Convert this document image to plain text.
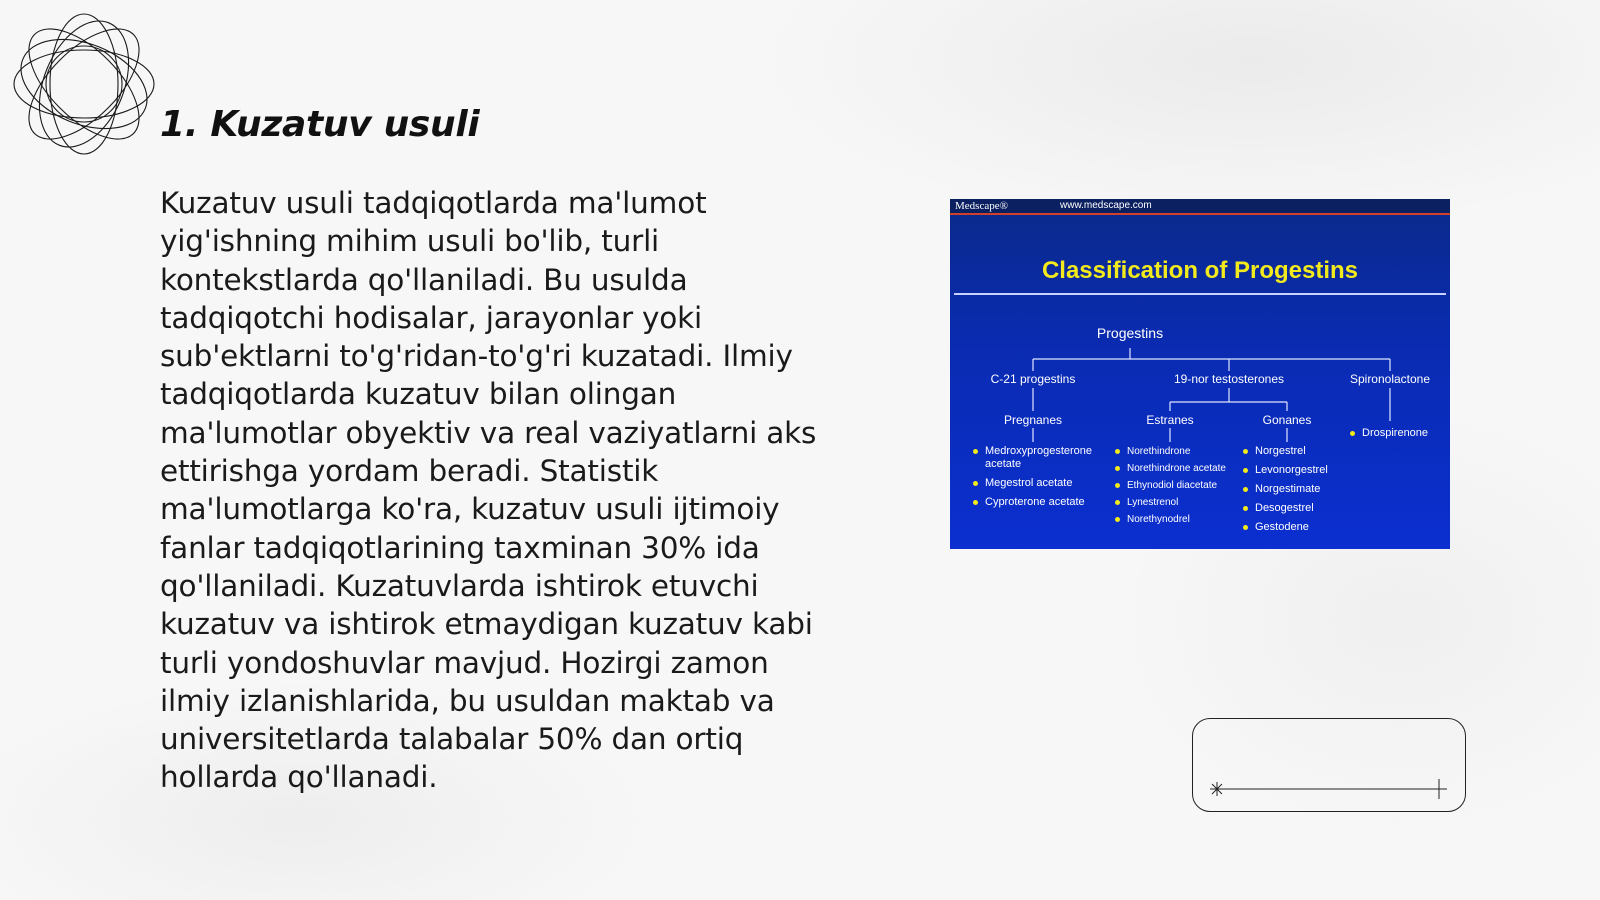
1. Kuzatuv usuli

Kuzatuv usuli tadqiqotlarda ma'lumot yig'ishning mihim usuli bo'lib, turli kontekstlarda qo'llaniladi. Bu usulda tadqiqotchi hodisalar, jarayonlar yoki sub'ektlarni to'g'ridan-to'g'ri kuzatadi. Ilmiy tadqiqotlarda kuzatuv bilan olingan ma'lumotlar obyektiv va real vaziyatlarni aks ettirishga yordam beradi. Statistik ma'lumotlarga ko'ra, kuzatuv usuli ijtimoiy fanlar tadqiqotlarining taxminan 30% ida qo'llaniladi. Kuzatuvlarda ishtirok etuvchi kuzatuv va ishtirok etmaydigan kuzatuv kabi turli yondoshuvlar mavjud. Hozirgi zamon ilmiy izlanishlarida, bu usuldan maktab va universitetlarda talabalar 50% dan ortiq hollarda qo'llanadi.

Medscape®	www.medscape.com
Classification of Progestins
Progestins
C-21 progestins	19-nor testosterones	Spironolactone
Pregnanes	Estranes	Gonanes
Medroxyprogesterone
acetate
Megestrol acetate
Cyproterone acetate
Norethindrone
Norethindrone acetate
Ethynodiol diacetate
Lynestrenol
Norethynodrel
Norgestrel
Levonorgestrel
Norgestimate
Desogestrel
Gestodene
Drospirenone
